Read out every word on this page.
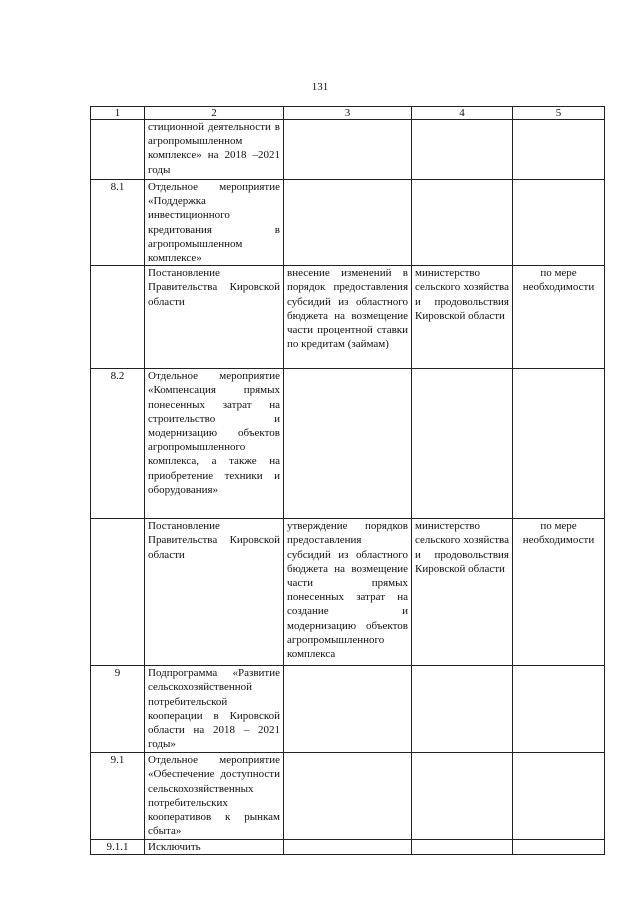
131
1	2	3	4	5
	стиционной деятельности в агропромышленном комплексе» на 2018 –2021 годы			
8.1	Отдельное мероприятие «Поддержка инвестиционного кредитования в агропромышленном комплексе»			
	Постановление Правительства Кировской области	внесение изменений в порядок предоставления субсидий из областного бюджета на возмещение части процентной ставки по кредитам (займам)	министерство сельского хозяйства и продовольствия Кировской области	по мере необходимости
8.2	Отдельное мероприятие «Компенсация прямых понесенных затрат на строительство и модернизацию объектов агропромышленного комплекса, а также на приобретение техники и оборудования»			
	Постановление Правительства Кировской области	утверждение порядков предоставления субсидий из областного бюджета на возмещение части прямых понесенных затрат на создание и модернизацию объектов агропромышленного комплекса	министерство сельского хозяйства и продовольствия Кировской области	по мере необходимости
9	Подпрограмма «Развитие сельскохозяйственной потребительской кооперации в Кировской области на 2018 – 2021 годы»			
9.1	Отдельное мероприятие «Обеспечение доступности сельскохозяйственных потребительских кооперативов к рынкам сбыта»			
9.1.1	Исключить			
